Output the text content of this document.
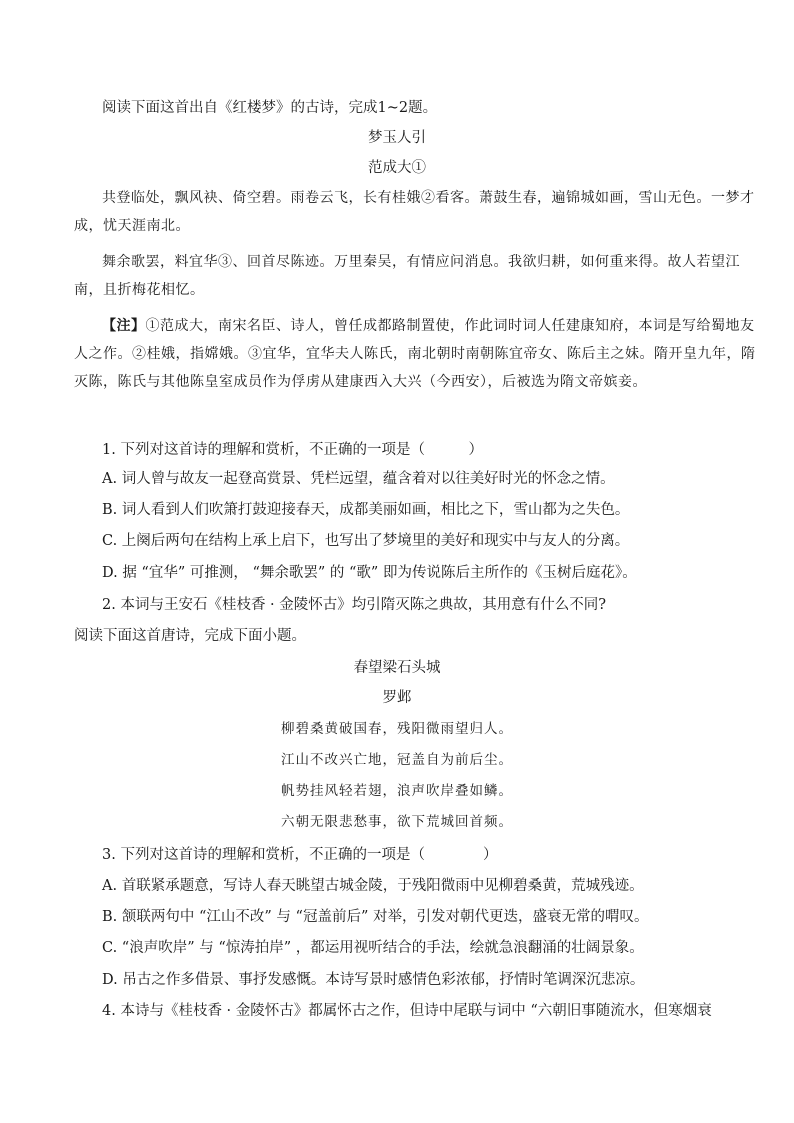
阅读下面这首出自《红楼梦》的古诗，完成1~2题。
梦玉人引
范成大①
共登临处，飘风袂、倚空碧。雨卷云飞，长有桂娥②看客。萧鼓生春，遍锦城如画，雪山无色。一梦才成，忧天涯南北。
舞余歌罢，料宜华③、回首尽陈迹。万里秦吴，有情应问消息。我欲归耕，如何重来得。故人若望江南，且折梅花相忆。
【注】①范成大，南宋名臣、诗人，曾任成都路制置使，作此词时词人任建康知府，本词是写给蜀地友人之作。②桂娥，指嫦娥。③宜华，宜华夫人陈氏，南北朝时南朝陈宜帝女、陈后主之妹。隋开皇九年，隋灭陈，陈氏与其他陈皇室成员作为俘虏从建康西入大兴（今西安），后被选为隋文帝嫔妾。
1. 下列对这首诗的理解和赏析，不正确的一项是（　　　）
A. 词人曾与故友一起登高赏景、凭栏远望，蕴含着对以往美好时光的怀念之情。
B. 词人看到人们吹箫打鼓迎接春天，成都美丽如画，相比之下，雪山都为之失色。
C. 上阕后两句在结构上承上启下，也写出了梦境里的美好和现实中与友人的分离。
D. 据 “宜华” 可推测， “舞余歌罢” 的 “歌” 即为传说陈后主所作的《玉树后庭花》。
2. 本词与王安石《桂枝香 · 金陵怀古》均引隋灭陈之典故，其用意有什么不同?
阅读下面这首唐诗，完成下面小题。
春望梁石头城
罗邺
柳碧桑黄破国春，残阳微雨望归人。
江山不改兴亡地，冠盖自为前后尘。
帆势挂风轻若翅，浪声吹岸叠如鳞。
六朝无限悲愁事，欲下荒城回首频。
3. 下列对这首诗的理解和赏析，不正确的一项是（　　　　）
A. 首联紧承题意，写诗人春天眺望古城金陵，于残阳微雨中见柳碧桑黄，荒城残迹。
B. 颔联两句中 “江山不改” 与 “冠盖前后” 对举，引发对朝代更迭，盛衰无常的喟叹。
C. “浪声吹岸” 与 “惊涛拍岸” ，都运用视听结合的手法，绘就急浪翻涌的壮阔景象。
D. 吊古之作多借景、事抒发感慨。本诗写景时感情色彩浓郁，抒情时笔调深沉悲凉。
4. 本诗与《桂枝香 · 金陵怀古》都属怀古之作，但诗中尾联与词中 “六朝旧事随流水，但寒烟衰
